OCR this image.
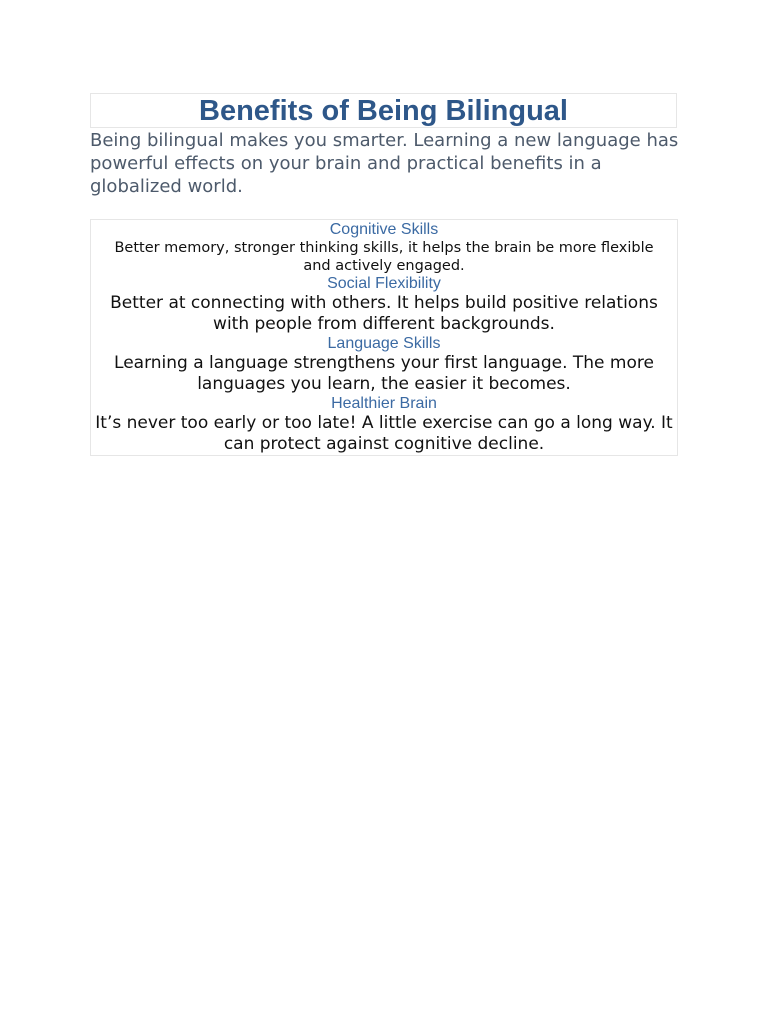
Benefits of Being Bilingual

Being bilingual makes you smarter. Learning a new language has powerful effects on your brain and practical benefits in a globalized world.

Cognitive Skills

Better memory, stronger thinking skills, it helps the brain be more flexible and actively engaged.

Social Flexibility

Better at connecting with others. It helps build positive relations with people from different backgrounds.

Language Skills

Learning a language strengthens your first language. The more languages you learn, the easier it becomes.

Healthier Brain

It’s never too early or too late! A little exercise can go a long way. It can protect against cognitive decline.
